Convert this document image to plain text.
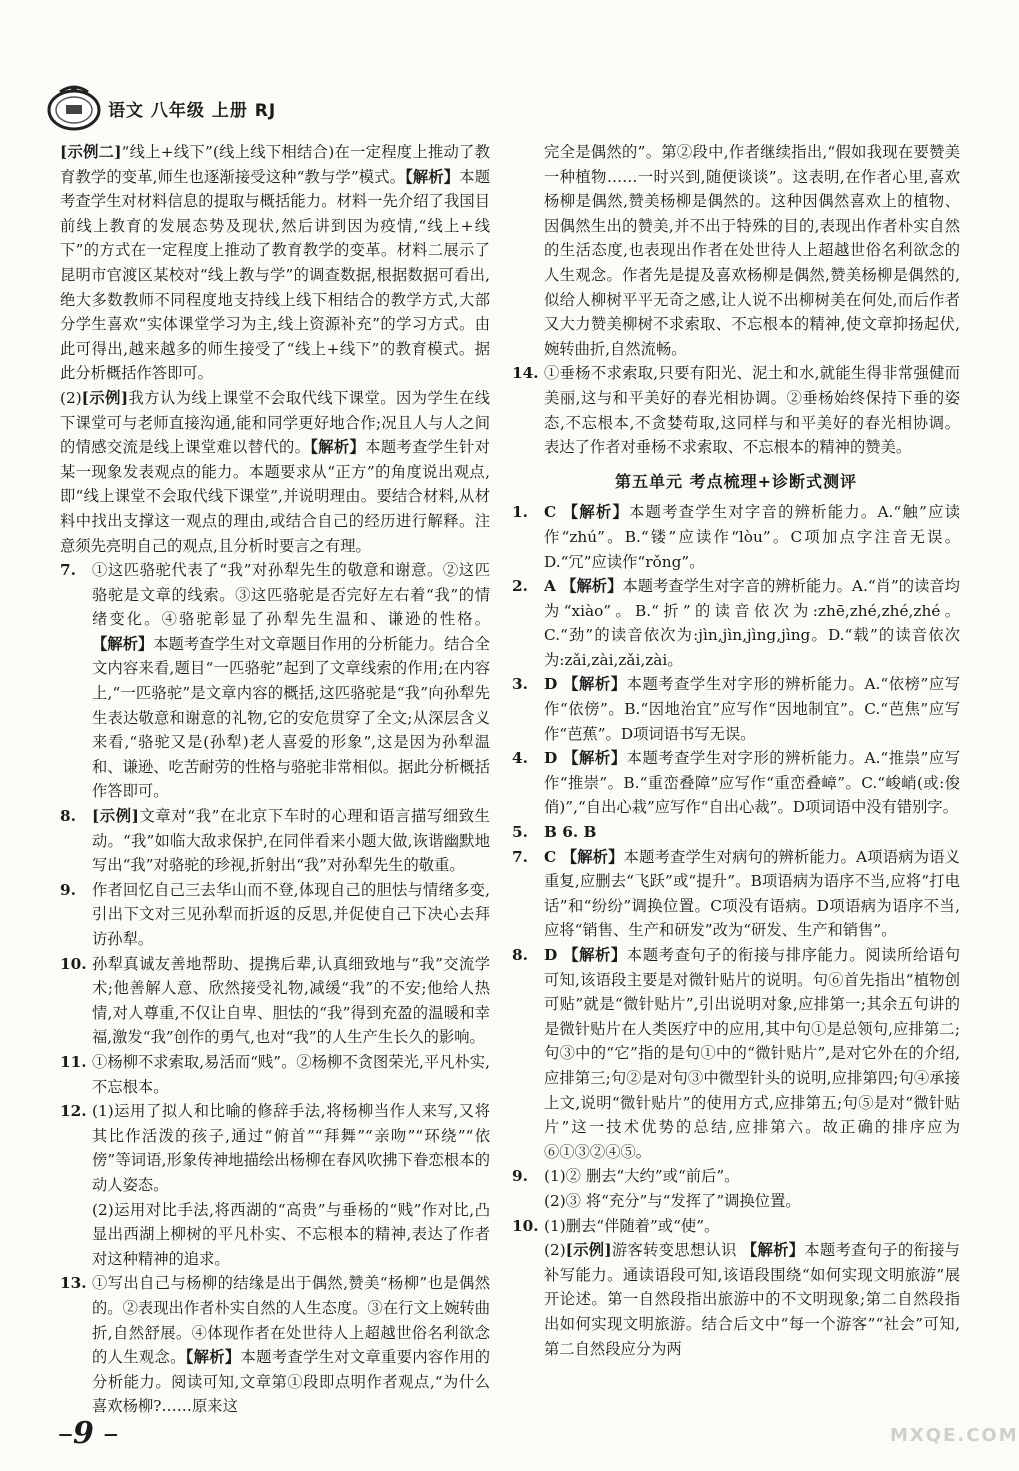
语文 八年级 上册 RJ

[示例二]“线上+线下”(线上线下相结合)在一定程度上推动了教育教学的变革,师生也逐渐接受这种“教与学”模式。【解析】本题考查学生对材料信息的提取与概括能力。材料一先介绍了我国目前线上教育的发展态势及现状,然后讲到因为疫情,“线上+线下”的方式在一定程度上推动了教育教学的变革。材料二展示了昆明市官渡区某校对“线上教与学”的调查数据,根据数据可看出,绝大多数教师不同程度地支持线上线下相结合的教学方式,大部分学生喜欢“实体课堂学习为主,线上资源补充”的学习方式。由此可得出,越来越多的师生接受了“线上+线下”的教育模式。据此分析概括作答即可。

(2)[示例]我方认为线上课堂不会取代线下课堂。因为学生在线下课堂可与老师直接沟通,能和同学更好地合作;况且人与人之间的情感交流是线上课堂难以替代的。【解析】本题考查学生针对某一现象发表观点的能力。本题要求从“正方”的角度说出观点,即“线上课堂不会取代线下课堂”,并说明理由。要结合材料,从材料中找出支撑这一观点的理由,或结合自己的经历进行解释。注意须先亮明自己的观点,且分析时要言之有理。

7.	①这匹骆驼代表了“我”对孙犁先生的敬意和谢意。②这匹骆驼是文章的线索。③这匹骆驼是否完好左右着“我”的情绪变化。④骆驼彰显了孙犁先生温和、谦逊的性格。【解析】本题考查学生对文章题目作用的分析能力。结合全文内容来看,题目“一匹骆驼”起到了文章线索的作用;在内容上,“一匹骆驼”是文章内容的概括,这匹骆驼是“我”向孙犁先生表达敬意和谢意的礼物,它的安危贯穿了全文;从深层含义来看,“骆驼又是(孙犁)老人喜爱的形象”,这是因为孙犁温和、谦逊、吃苦耐劳的性格与骆驼非常相似。据此分析概括作答即可。
8.	[示例]文章对“我”在北京下车时的心理和语言描写细致生动。“我”如临大敌求保护,在同伴看来小题大做,诙谐幽默地写出“我”对骆驼的珍视,折射出“我”对孙犁先生的敬重。
9.	作者回忆自己三去华山而不登,体现自己的胆怯与情绪多变,引出下文对三见孙犁而折返的反思,并促使自己下决心去拜访孙犁。
10. 孙犁真诚友善地帮助、提携后辈,认真细致地与“我”交流学术;他善解人意、欣然接受礼物,减缓“我”的不安;他给人热情,对人尊重,不仅让自卑、胆怯的“我”得到充盈的温暖和幸福,激发“我”创作的勇气,也对“我”的人生产生长久的影响。
11. ①杨柳不求索取,易活而“贱”。②杨柳不贪图荣光,平凡朴实,不忘根本。
12. (1)运用了拟人和比喻的修辞手法,将杨柳当作人来写,又将其比作活泼的孩子,通过“俯首”“拜舞”“亲吻”“环绕”“依傍”等词语,形象传神地描绘出杨柳在春风吹拂下眷恋根本的动人姿态。

(2)运用对比手法,将西湖的“高贵”与垂杨的“贱”作对比,凸显出西湖上柳树的平凡朴实、不忘根本的精神,表达了作者对这种精神的追求。

13. ①写出自己与杨柳的结缘是出于偶然,赞美“杨柳”也是偶然的。②表现出作者朴实自然的人生态度。③在行文上婉转曲折,自然舒展。④体现作者在处世待人上超越世俗名利欲念的人生观念。【解析】本题考查学生对文章重要内容作用的分析能力。阅读可知,文章第①段即点明作者观点,“为什么喜欢杨柳?……原来这

完全是偶然的”。第②段中,作者继续指出,“假如我现在要赞美一种植物……一时兴到,随便谈谈”。这表明,在作者心里,喜欢杨柳是偶然,赞美杨柳是偶然的。这种因偶然喜欢上的植物、因偶然生出的赞美,并不出于特殊的目的,表现出作者朴实自然的生活态度,也表现出作者在处世待人上超越世俗名利欲念的人生观念。作者先是提及喜欢杨柳是偶然,赞美杨柳是偶然的,似给人柳树平平无奇之感,让人说不出柳树美在何处,而后作者又大力赞美柳树不求索取、不忘根本的精神,使文章抑扬起伏,婉转曲折,自然流畅。

14. ①垂杨不求索取,只要有阳光、泥土和水,就能生得非常强健而美丽,这与和平美好的春光相协调。②垂杨始终保持下垂的姿态,不忘根本,不贪婪苟取,这同样与和平美好的春光相协调。 表达了作者对垂杨不求索取、不忘根本的精神的赞美。
第五单元 考点梳理+诊断式测评
1.	C 【解析】本题考查学生对字音的辨析能力。A.“触”应读作“zhú”。B.“镂”应读作“lòu”。C项加点字注音无误。D.“冗”应读作“rǒng”。
2.	A 【解析】本题考查学生对字音的辨析能力。A.“肖”的读音均为“xiào”。B.“折”的读音依次为:zhē,zhé,zhé,zhé。C.“劲”的读音依次为:jìn,jìn,jìng,jìng。D.“载”的读音依次为:zǎi,zài,zǎi,zài。
3.	D 【解析】本题考查学生对字形的辨析能力。A.“依榜”应写作“依傍”。B.“因地治宜”应写作“因地制宜”。C.“芭焦”应写作“芭蕉”。D项词语书写无误。
4.	D 【解析】本题考查学生对字形的辨析能力。A.“推祟”应写作“推崇”。B.“重峦叠障”应写作“重峦叠嶂”。C.“峻峭(或:俊俏)”,“自出心栽”应写作“自出心裁”。D项词语中没有错别字。
5.	B 6. B
7.	C 【解析】本题考查学生对病句的辨析能力。A项语病为语义重复,应删去“飞跃”或“提升”。B项语病为语序不当,应将“打电话”和“纷纷”调换位置。C项没有语病。D项语病为语序不当,应将“销售、生产和研发”改为“研发、生产和销售”。
8.	D 【解析】本题考查句子的衔接与排序能力。阅读所给语句可知,该语段主要是对微针贴片的说明。句⑥首先指出“植物创可贴”就是“微针贴片”,引出说明对象,应排第一;其余五句讲的是微针贴片在人类医疗中的应用,其中句①是总领句,应排第二;句③中的“它”指的是句①中的“微针贴片”,是对它外在的介绍,应排第三;句②是对句③中微型针头的说明,应排第四;句④承接上文,说明“微针贴片”的使用方式,应排第五;句⑤是对“微针贴片”这一技术优势的总结,应排第六。故正确的排序应为⑥①③②④⑤。
9.	(1)② 删去“大约”或“前后”。

(2)③ 将“充分”与“发挥了”调换位置。

10. (1)删去“伴随着”或“使”。

(2)[示例]游客转变思想认识 【解析】本题考查句子的衔接与补写能力。通读语段可知,该语段围绕“如何实现文明旅游”展开论述。第一自然段指出旅游中的不文明现象;第二自然段指出如何实现文明旅游。结合后文中“每一个游客”“社会”可知,第二自然段应分为两

–9 –	MXQE.COM
